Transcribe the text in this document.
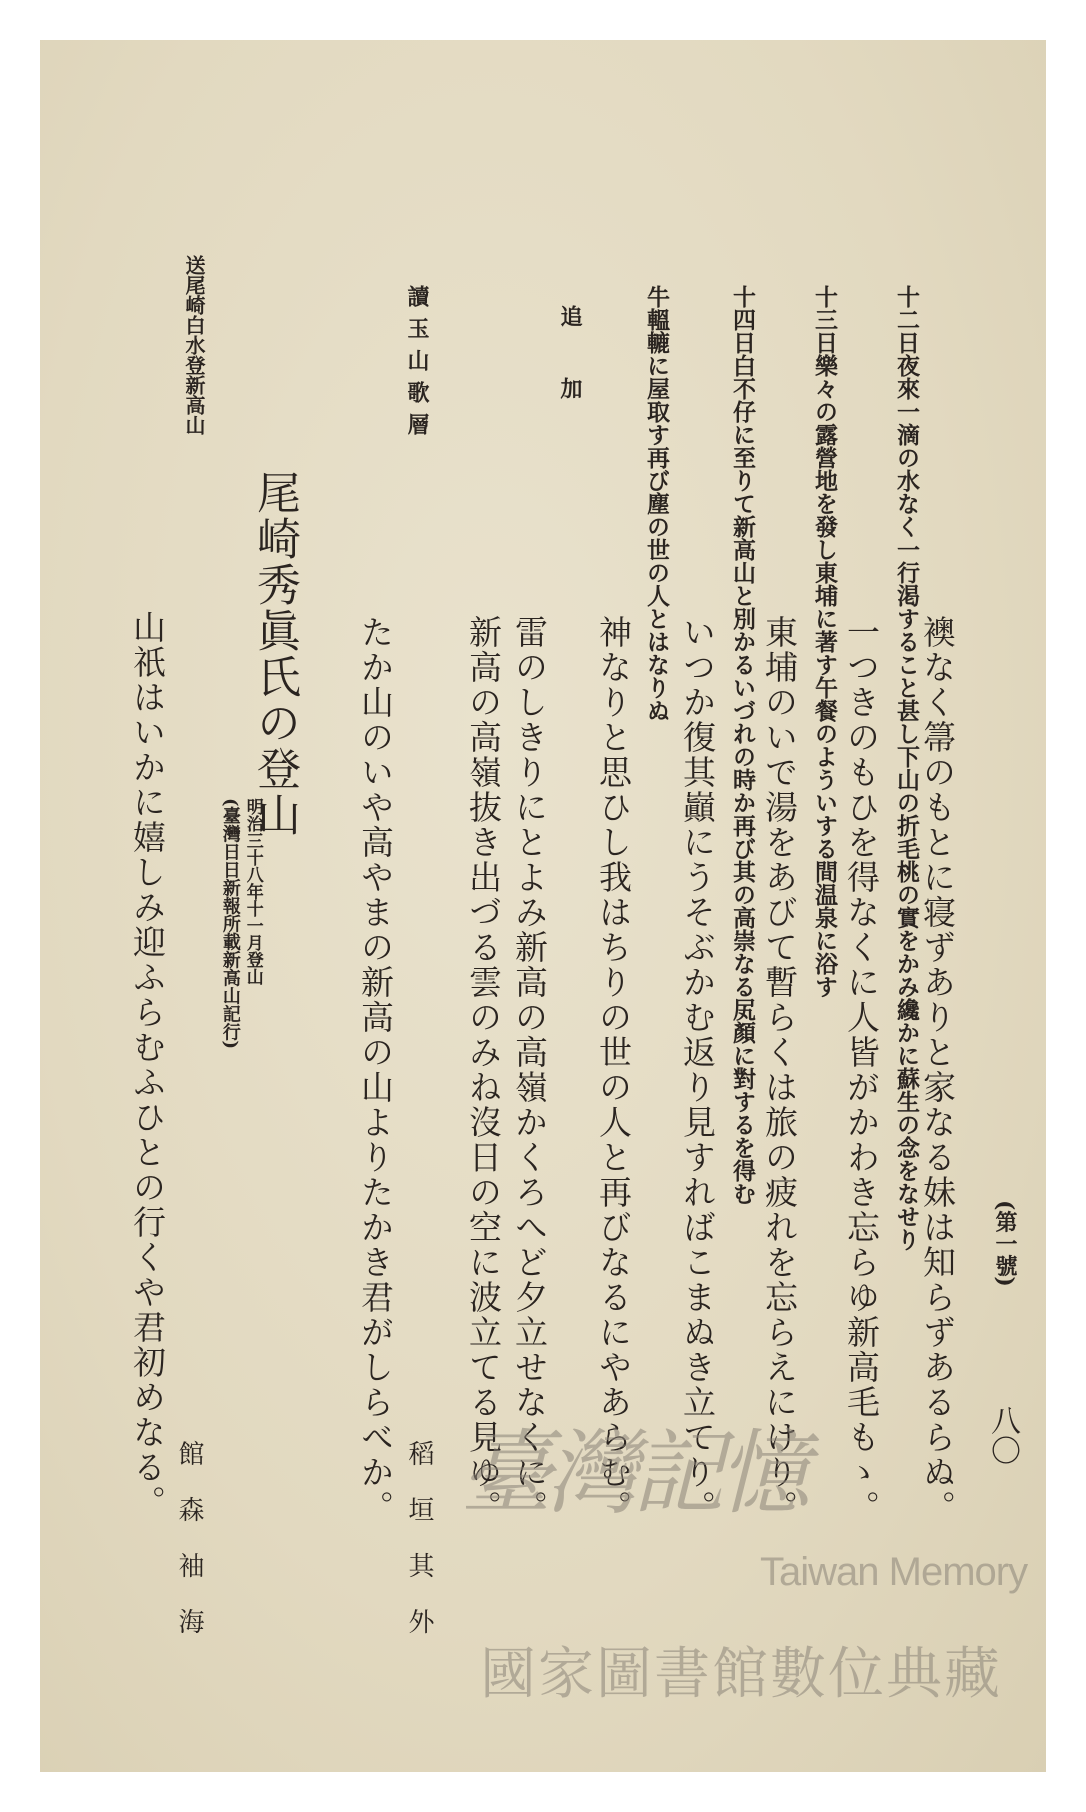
(第一號)
八〇
襖なく箒のもとに寝ずありと家なる妹は知らずあるらぬ。
十二日夜來一滴の水なく一行渇すること甚し下山の折毛桃の實をかみ纔かに蘇生の念をなせり
一つきのもひを得なくに人皆がかわき忘らゆ新高毛もゝ。
十三日樂々の露營地を發し東埔に著す午餐のよういする間温泉に浴す
東埔のいで湯をあびて暫らくは旅の疲れを忘らえにけり。
十四日白不仔に至りて新高山と別かるいづれの時か再び其の高崇なる㞍顏に對するを得む
いつか復其巓にうそぶかむ返り見すればこまぬき立てり。
牛轀轆に屋取す再び塵の世の人とはなりぬ
神なりと思ひし我はちりの世の人と再びなるにやあらむ。
追　加
雷のしきりにとよみ新高の高嶺かくろへど夕立せなくに。
新高の高嶺抜き出づる雲のみね沒日の空に波立てる見ゆ。
讀玉山歌層
稻垣其外
たか山のいや高やまの新高の山よりたかき君がしらべか。
尾崎秀眞氏の登山
(臺灣日日新報所載新高山記行) 明治三十八年十一月登山
送尾崎白水登新高山
館森袖海
山祇はいかに嬉しみ迎ふらむふひとの行くや君初めなる。	臺灣記憶
Taiwan Memory
國家圖書館數位典藏
